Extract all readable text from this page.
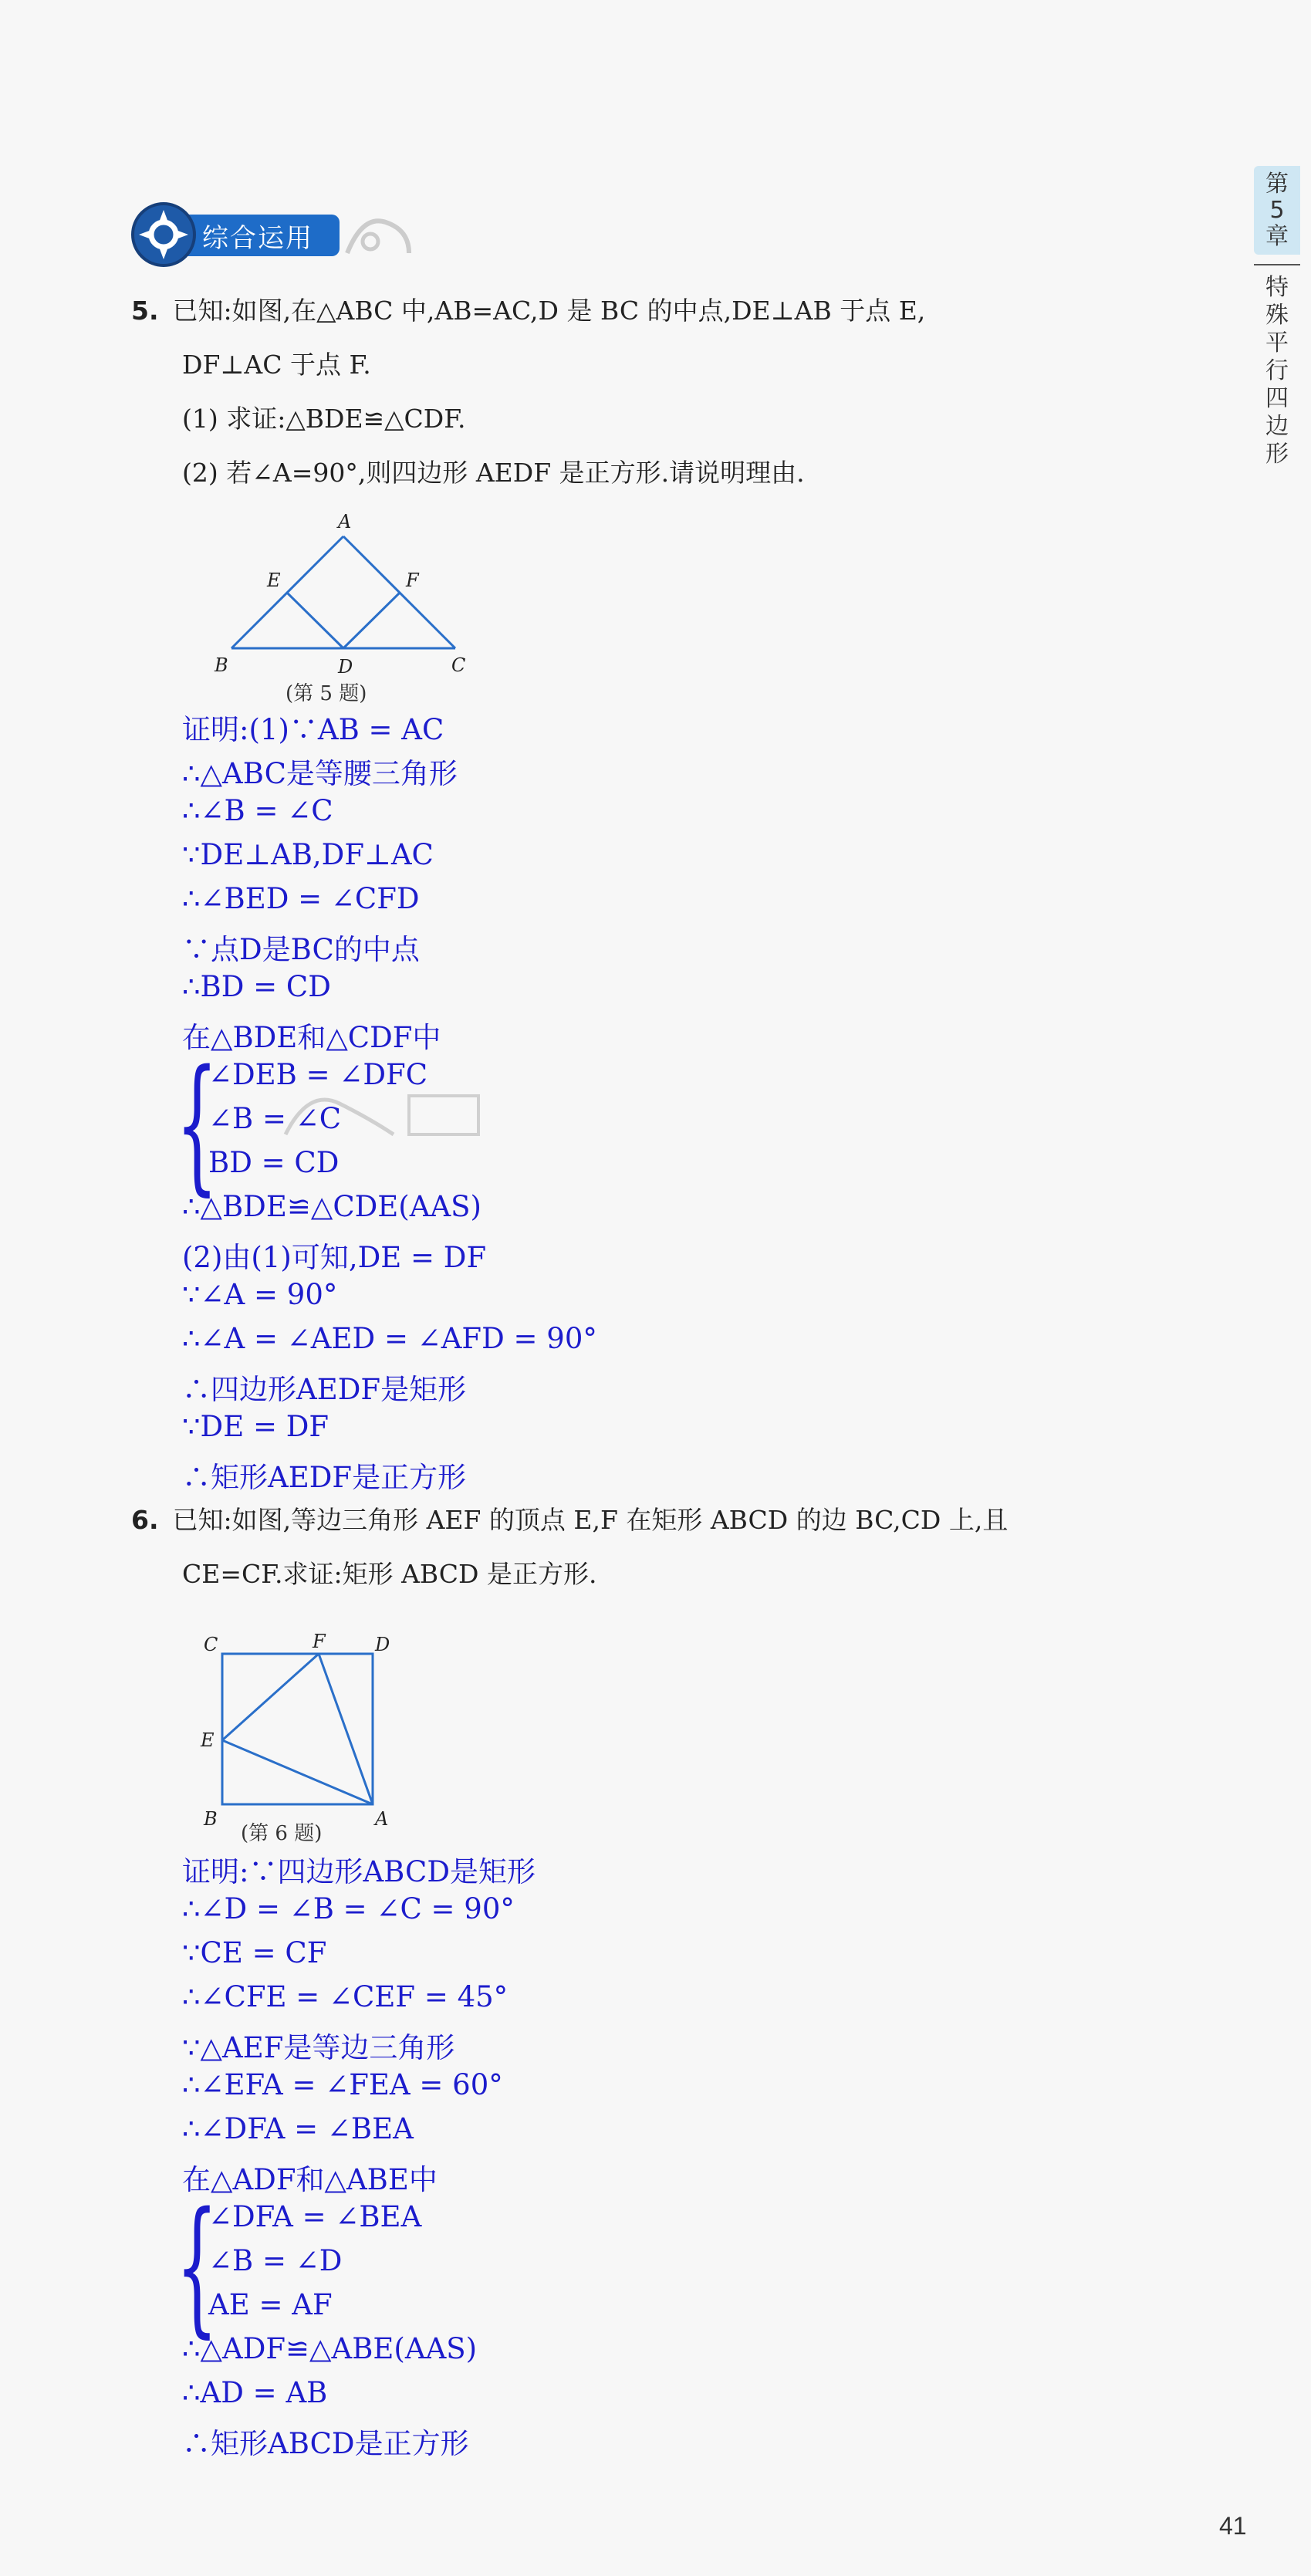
第
5
章
特
殊
平
行
四
边
形
综合运用
5. 已知:如图,在△ABC 中,AB=AC,D 是 BC 的中点,DE⊥AB 于点 E,
DF⊥AC 于点 F.
(1) 求证:△BDE≌△CDF.
(2) 若∠A=90°,则四边形 AEDF 是正方形.请说明理由.
A
B	C
D
E	F
(第 5 题)
证明:(1)∵AB = AC
∴△ABC是等腰三角形
∴∠B = ∠C
∵DE⊥AB,DF⊥AC
∴∠BED = ∠CFD
∵点D是BC的中点
∴BD = CD
在△BDE和△CDF中
{
∠DEB = ∠DFC
∠B = ∠C
BD = CD
∴△BDE≌△CDE(AAS)
(2)由(1)可知,DE = DF
∵∠A = 90°
∴∠A = ∠AED = ∠AFD = 90°
∴四边形AEDF是矩形
∵DE = DF
∴矩形AEDF是正方形
6. 已知:如图,等边三角形 AEF 的顶点 E,F 在矩形 ABCD 的边 BC,CD 上,且
CE=CF.求证:矩形 ABCD 是正方形.
C	F	D
E
B	A
(第 6 题)
证明:∵四边形ABCD是矩形
∴∠D = ∠B = ∠C = 90°
∵CE = CF
∴∠CFE = ∠CEF = 45°
∵△AEF是等边三角形
∴∠EFA = ∠FEA = 60°
∴∠DFA = ∠BEA
在△ADF和△ABE中
{
∠DFA = ∠BEA
∠B = ∠D
AE = AF
∴△ADF≌△ABE(AAS)
∴AD = AB
∴矩形ABCD是正方形
41
